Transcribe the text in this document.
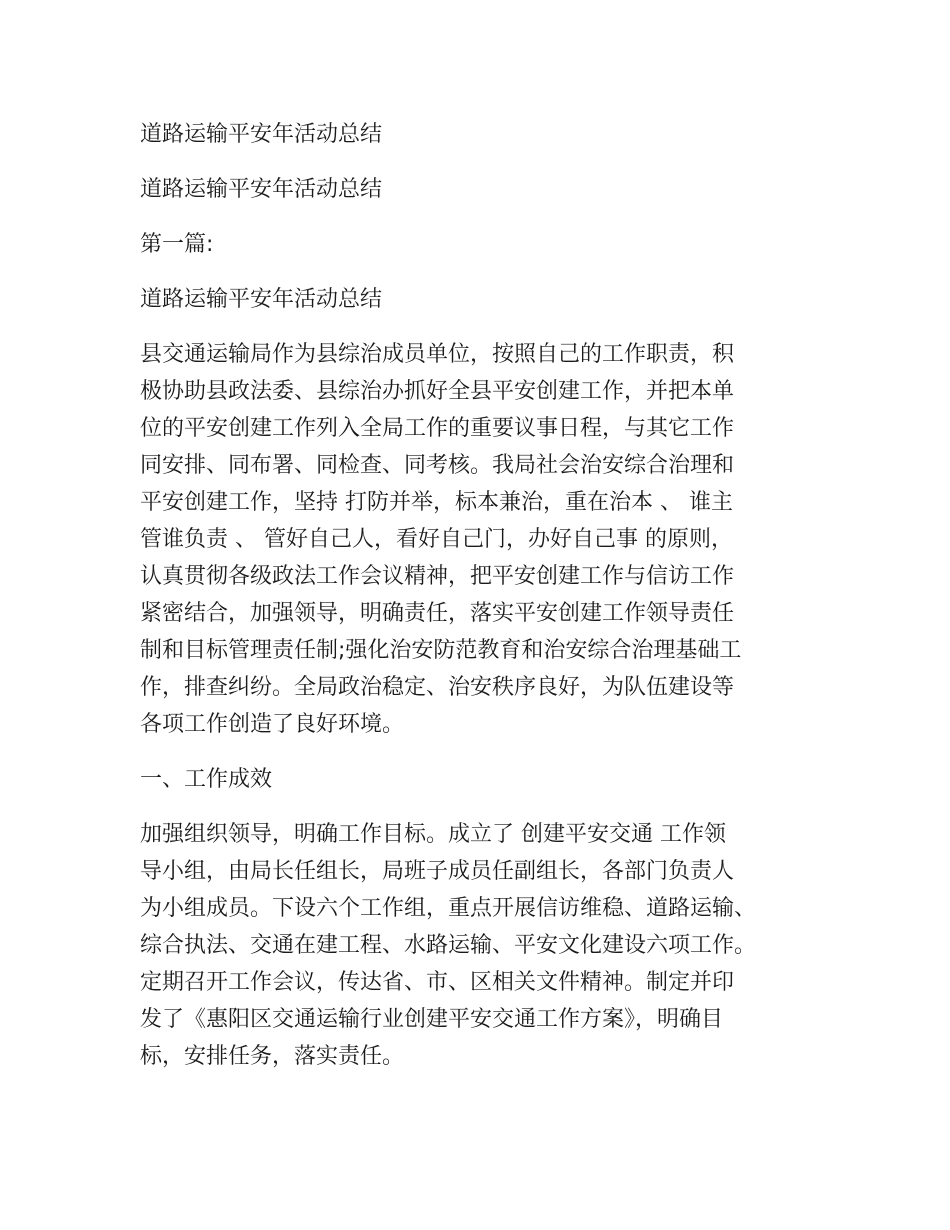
道路运输平安年活动总结
道路运输平安年活动总结
第一篇:
道路运输平安年活动总结
县交通运输局作为县综治成员单位，按照自己的工作职责，积
极协助县政法委、县综治办抓好全县平安创建工作，并把本单
位的平安创建工作列入全局工作的重要议事日程，与其它工作
同安排、同布署、同检查、同考核。我局社会治安综合治理和
平安创建工作，坚持 打防并举，标本兼治，重在治本 、 谁主
管谁负责 、 管好自己人，看好自己门，办好自己事 的原则，
认真贯彻各级政法工作会议精神，把平安创建工作与信访工作
紧密结合，加强领导，明确责任，落实平安创建工作领导责任
制和目标管理责任制;强化治安防范教育和治安综合治理基础工
作，排查纠纷。全局政治稳定、治安秩序良好，为队伍建设等
各项工作创造了良好环境。
一、工作成效
加强组织领导，明确工作目标。成立了 创建平安交通 工作领
导小组，由局长任组长，局班子成员任副组长，各部门负责人
为小组成员。下设六个工作组，重点开展信访维稳、道路运输、
综合执法、交通在建工程、水路运输、平安文化建设六项工作。
定期召开工作会议，传达省、市、区相关文件精神。制定并印
发了《惠阳区交通运输行业创建平安交通工作方案》，明确目
标，安排任务，落实责任。
